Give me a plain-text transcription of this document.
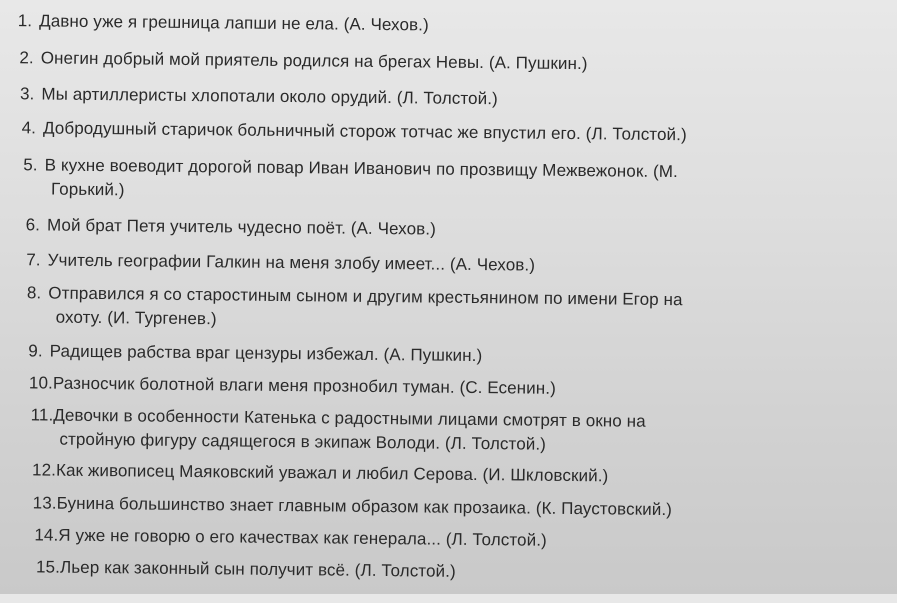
1. Давно уже я грешница лапши не ела. (А. Чехов.)
2. Онегин добрый мой приятель родился на брегах Невы. (А. Пушкин.)
3. Мы артиллеристы хлопотали около орудий. (Л. Толстой.)
4. Добродушный старичок больничный сторож тотчас же впустил его. (Л. Толстой.)
5. В кухне воеводит дорогой повар Иван Иванович по прозвищу Межвежонок. (М.
Горький.)
6. Мой брат Петя учитель чудесно поёт. (А. Чехов.)
7. Учитель географии Галкин на меня злобу имеет... (А. Чехов.)
8. Отправился я со старостиным сыном и другим крестьянином по имени Егор на
охоту. (И. Тургенев.)
9. Радищев рабства враг цензуры избежал. (А. Пушкин.)
10.Разносчик болотной влаги меня прознобил туман. (С. Есенин.)
11.Девочки в особенности Катенька с радостными лицами смотрят в окно на
стройную фигуру садящегося в экипаж Володи. (Л. Толстой.)
12.Как живописец Маяковский уважал и любил Серова. (И. Шкловский.)
13.Бунина большинство знает главным образом как прозаика. (К. Паустовский.)
14.Я уже не говорю о его качествах как генерала... (Л. Толстой.)
15.Льер как законный сын получит всё. (Л. Толстой.)
